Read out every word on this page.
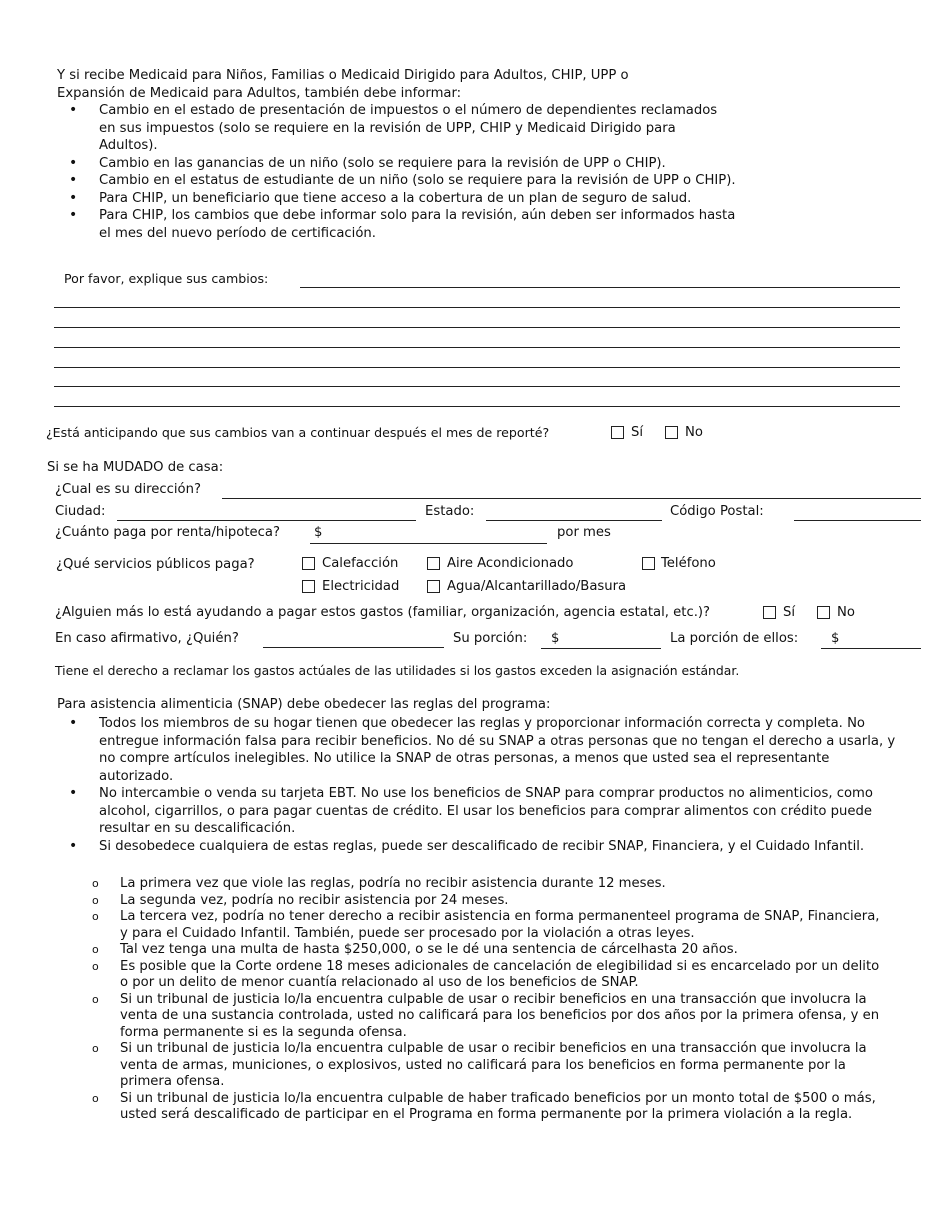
Y si recibe Medicaid para Niños, Familias o Medicaid Dirigido para Adultos, CHIP, UPP o
Expansión de Medicaid para Adultos, también debe informar:
• Cambio en el estado de presentación de impuestos o el número de dependientes reclamados en sus impuestos (solo se requiere en la revisión de UPP, CHIP y Medicaid Dirigido para Adultos).
• Cambio en las ganancias de un niño (solo se requiere para la revisión de UPP o CHIP).
• Cambio en el estatus de estudiante de un niño (solo se requiere para la revisión de UPP o CHIP).
• Para CHIP, un beneficiario que tiene acceso a la cobertura de un plan de seguro de salud.
• Para CHIP, los cambios que debe informar solo para la revisión, aún deben ser informados hasta el mes del nuevo período de certificación.
Por favor, explique sus cambios:
¿Está anticipando que sus cambios van a continuar después el mes de reporté?	Sí	No
Si se ha MUDADO de casa:
¿Cual es su dirección?
Ciudad:	Estado:	Código Postal:
¿Cuánto paga por renta/hipoteca?	$	por mes
¿Qué servicios públicos paga?	Calefacción	Aire Acondicionado	Teléfono
Electricidad	Agua/Alcantarillado/Basura
¿Alguien más lo está ayudando a pagar estos gastos (familiar, organización, agencia estatal, etc.)?	Sí	No
En caso afirmativo, ¿Quién?	Su porción: $	La porción de ellos: $
Tiene el derecho a reclamar los gastos actúales de las utilidades si los gastos exceden la asignación estándar.
Para asistencia alimenticia (SNAP) debe obedecer las reglas del programa:
• Todos los miembros de su hogar tienen que obedecer las reglas y proporcionar información correcta y completa. No entregue información falsa para recibir beneficios. No dé su SNAP a otras personas que no tengan el derecho a usarla, y no compre artículos inelegibles. No utilice la SNAP de otras personas, a menos que usted sea el representante autorizado.
• No intercambie o venda su tarjeta EBT. No use los beneficios de SNAP para comprar productos no alimenticios, como alcohol, cigarrillos, o para pagar cuentas de crédito. El usar los beneficios para comprar alimentos con crédito puede resultar en su descalificación.
• Si desobedece cualquiera de estas reglas, puede ser descalificado de recibir SNAP, Financiera, y el Cuidado Infantil.
o La primera vez que viole las reglas, podría no recibir asistencia durante 12 meses.
o La segunda vez, podría no recibir asistencia por 24 meses.
o La tercera vez, podría no tener derecho a recibir asistencia en forma permanenteel programa de SNAP, Financiera, y para el Cuidado Infantil. También, puede ser procesado por la violación a otras leyes.
o Tal vez tenga una multa de hasta $250,000, o se le dé una sentencia de cárcelhasta 20 años.
o Es posible que la Corte ordene 18 meses adicionales de cancelación de elegibilidad si es encarcelado por un delito o por un delito de menor cuantía relacionado al uso de los beneficios de SNAP.
o Si un tribunal de justicia lo/la encuentra culpable de usar o recibir beneficios en una transacción que involucra la venta de una sustancia controlada, usted no calificará para los beneficios por dos años por la primera ofensa, y en forma permanente si es la segunda ofensa.
o Si un tribunal de justicia lo/la encuentra culpable de usar o recibir beneficios en una transacción que involucra la venta de armas, municiones, o explosivos, usted no calificará para los beneficios en forma permanente por la primera ofensa.
o Si un tribunal de justicia lo/la encuentra culpable de haber traficado beneficios por un monto total de $500 o más, usted será descalificado de participar en el Programa en forma permanente por la primera violación a la regla.
